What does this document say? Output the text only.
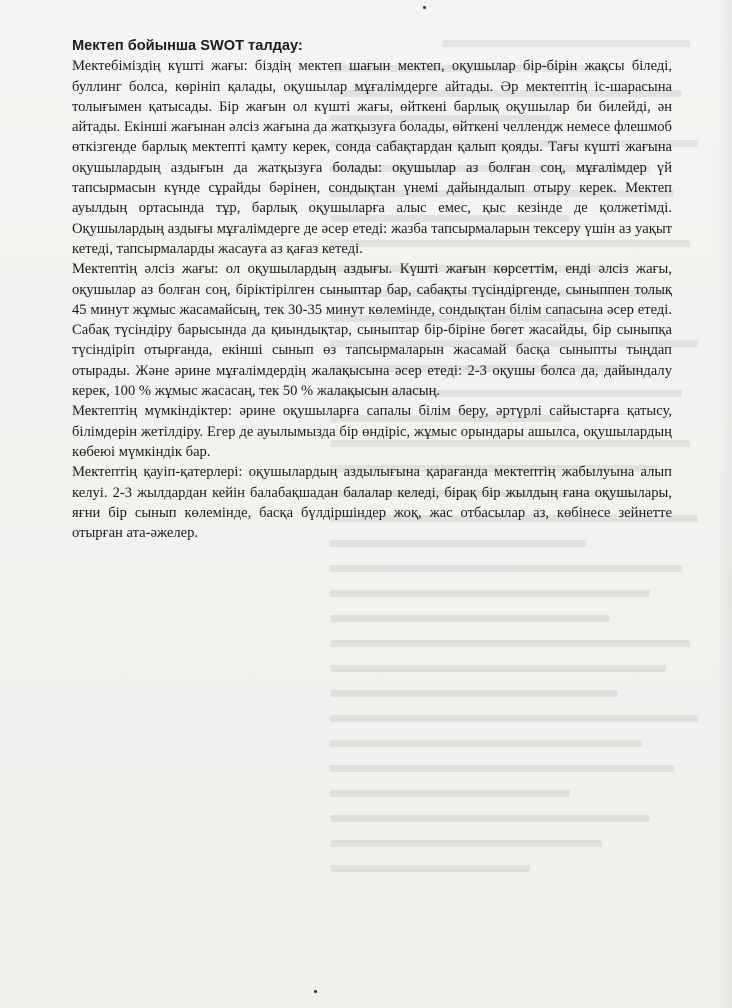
Мектеп бойынша SWOT талдау:

Мектебіміздің күшті жағы: біздің мектеп шағын мектеп, оқушылар бір-бірін жақсы біледі, буллинг болса, көрініп қалады, оқушылар мұғалімдерге айтады. Әр мектептің іс-шарасына толығымен қатысады. Бір жағын ол күшті жағы, өйткені барлық оқушылар би билейді, ән айтады. Екінші жағынан әлсіз жағына да жатқызуға болады, өйткені челлендж немесе флешмоб өткізгенде барлық мектепті қамту керек, сонда сабақтардан қалып қояды. Тағы күшті жағына оқушылардың аздығын да жатқызуға болады: оқушылар аз болған соң, мұғалімдер үй тапсырмасын күнде сұрайды бәрінен, сондықтан үнемі дайындалып отыру керек. Мектеп ауылдың ортасында тұр, барлық оқушыларға алыс емес, қыс кезінде де қолжетімді. Оқушылардың аздығы мұғалімдерге де әсер етеді: жазба тапсырмаларын тексеру үшін аз уақыт кетеді, тапсырмаларды жасауға аз қағаз кетеді.

Мектептің әлсіз жағы: ол оқушылардың аздығы. Күшті жағын көрсеттім, енді әлсіз жағы, оқушылар аз болған соң, біріктірілген сыныптар бар, сабақты түсіндіргенде, сыныппен толық 45 минут жұмыс жасамайсың, тек 30-35 минут көлемінде, сондықтан білім сапасына әсер етеді. Сабақ түсіндіру барысында да қиындықтар, сыныптар бір-біріне бөгет жасайды, бір сыныпқа түсіндіріп отырғанда, екінші сынып өз тапсырмаларын жасамай басқа сыныпты тыңдап отырады. Және әрине мұғалімдердің жалақысына әсер етеді: 2-3 оқушы болса да, дайындалу керек, 100 % жұмыс жасасаң, тек 50 % жалақысын аласың.

Мектептің мүмкіндіктер: әрине оқушыларға сапалы білім беру, әртүрлі сайыстарға қатысу, білімдерін жетілдіру. Егер де ауылымызда бір өндіріс, жұмыс орындары ашылса, оқушылардың көбеюі мүмкіндік бар.

Мектептің қауіп-қатерлері: оқушылардың аздылығына қарағанда мектептің жабылуына алып келуі. 2-3 жылдардан кейін балабақшадан балалар келеді, бірақ бір жылдың ғана оқушылары, яғни бір сынып көлемінде, басқа бүлдіршіндер жоқ, жас отбасылар аз, көбінесе зейнетте отырған ата-әжелер.
